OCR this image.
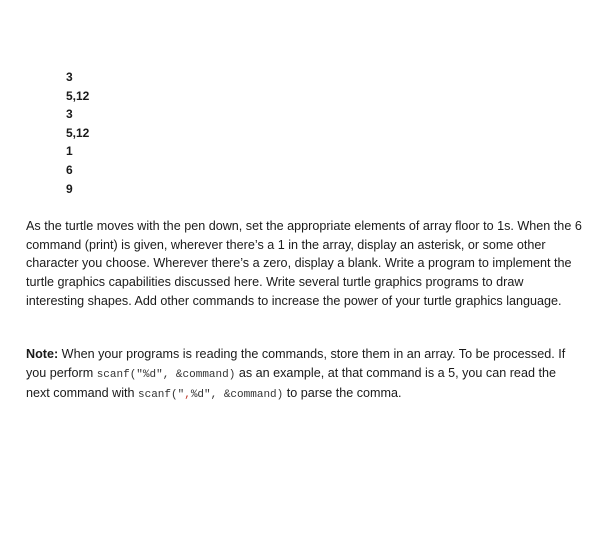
3
5,12
3
5,12
1
6
9

As the turtle moves with the pen down, set the appropriate elements of array floor to 1s. When the 6 command (print) is given, wherever there’s a 1 in the array, display an asterisk, or some other character you choose. Wherever there’s a zero, display a blank. Write a program to implement the turtle graphics capabilities discussed here. Write several turtle graphics programs to draw interesting shapes. Add other commands to increase the power of your turtle graphics language.

Note: When your programs is reading the commands, store them in an array. To be processed. If you perform scanf("%d", &command) as an example, at that command is a 5, you can read the next command with scanf(",%d", &command) to parse the comma.
